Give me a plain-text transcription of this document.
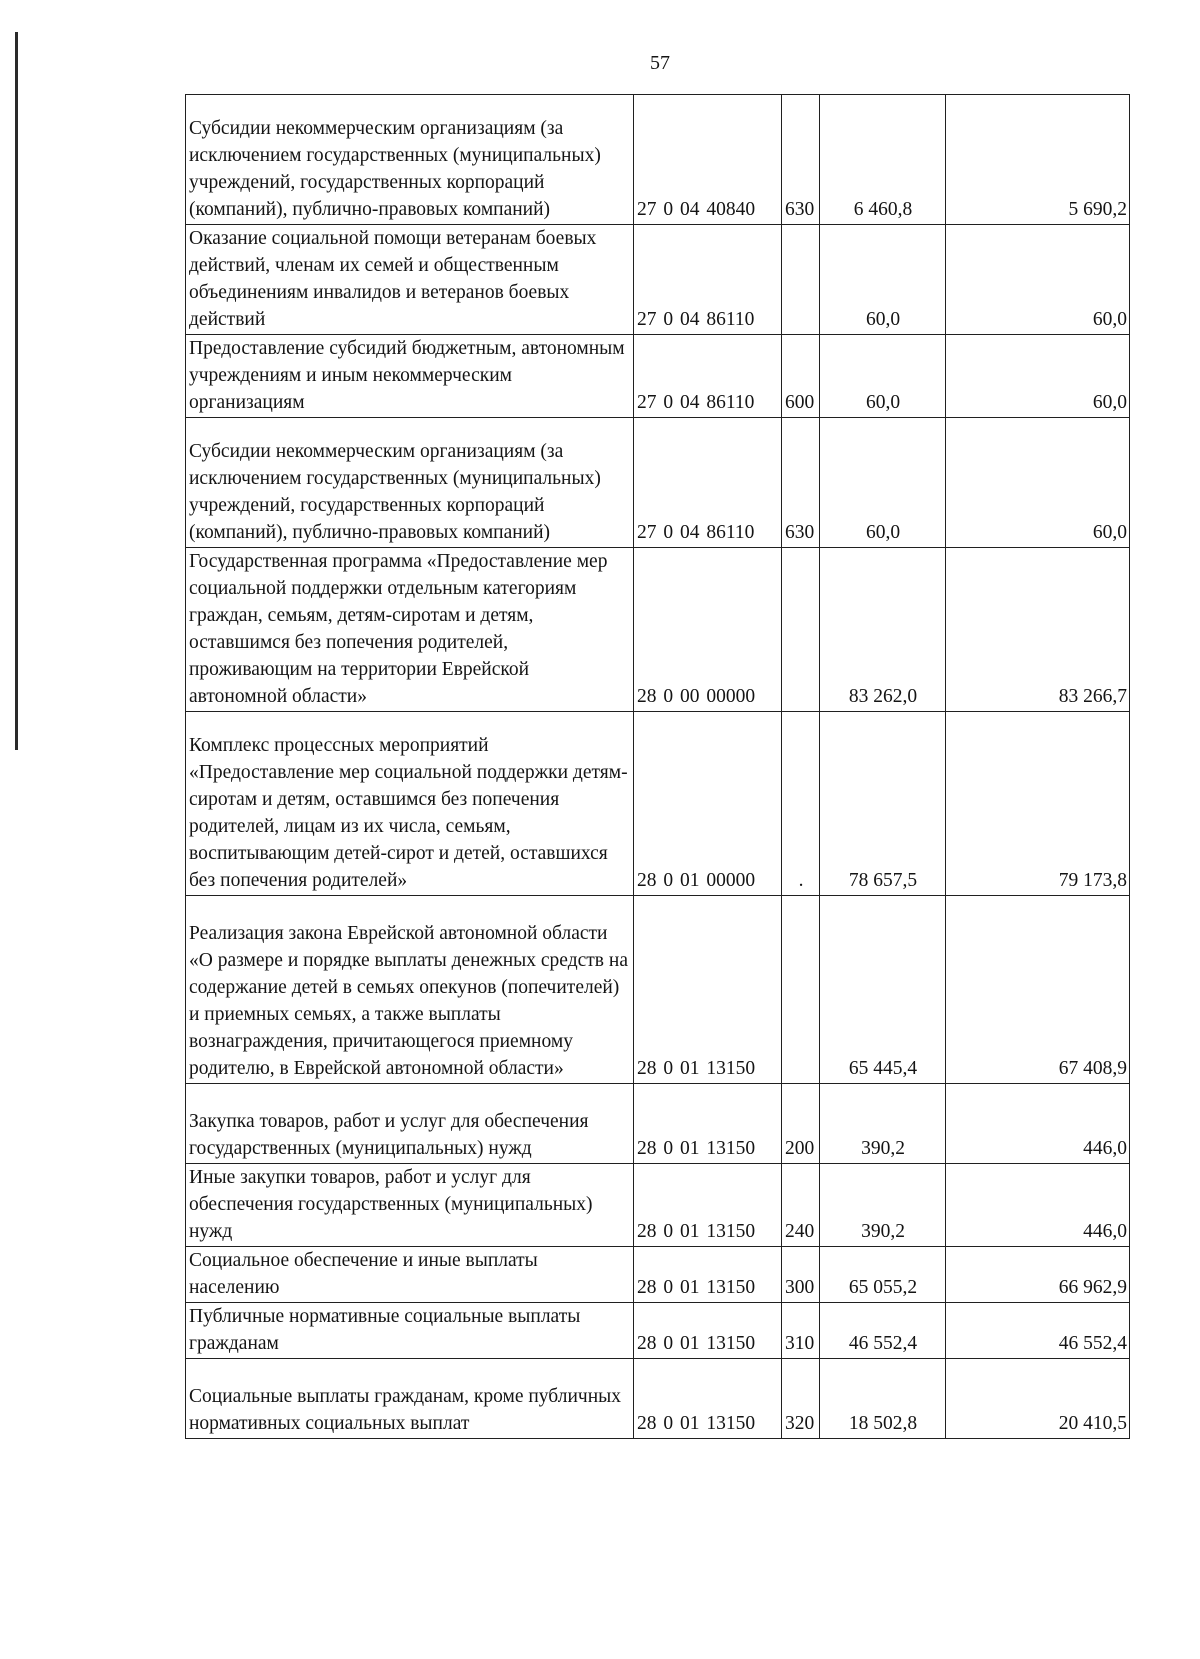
57
Субсидии некоммерческим организациям (за исключением государственных (муниципальных) учреждений, государственных корпораций (компаний), публично-правовых компаний)	27 0 04 40840	630	6 460,8	5 690,2
Оказание социальной помощи ветеранам боевых действий, членам их семей и общественным объединениям инвалидов и ветеранов боевых действий	27 0 04 86110		60,0	60,0
Предоставление субсидий бюджетным, автономным учреждениям и иным некоммерческим организациям	27 0 04 86110	600	60,0	60,0
Субсидии некоммерческим организациям (за исключением государственных (муниципальных) учреждений, государственных корпораций (компаний), публично-правовых компаний)	27 0 04 86110	630	60,0	60,0
Государственная программа «Предоставление мер социальной поддержки отдельным категориям граждан, семьям, детям-сиротам и детям, оставшимся без попечения родителей, проживающим на территории Еврейской автономной области»	28 0 00 00000		83 262,0	83 266,7
Комплекс процессных мероприятий «Предоставление мер социальной поддержки детям-сиротам и детям, оставшимся без попечения родителей, лицам из их числа, семьям, воспитывающим детей-сирот и детей, оставшихся без попечения родителей»	28 0 01 00000	.	78 657,5	79 173,8
Реализация закона Еврейской автономной области «О размере и порядке выплаты денежных средств на содержание детей в семьях опекунов (попечителей) и приемных семьях, а также выплаты вознаграждения, причитающегося приемному родителю, в Еврейской автономной области»	28 0 01 13150		65 445,4	67 408,9
Закупка товаров, работ и услуг для обеспечения государственных (муниципальных) нужд	28 0 01 13150	200	390,2	446,0
Иные закупки товаров, работ и услуг для обеспечения государственных (муниципальных) нужд	28 0 01 13150	240	390,2	446,0
Социальное обеспечение и иные выплаты населению	28 0 01 13150	300	65 055,2	66 962,9
Публичные нормативные социальные выплаты гражданам	28 0 01 13150	310	46 552,4	46 552,4
Социальные выплаты гражданам, кроме публичных нормативных социальных выплат	28 0 01 13150	320	18 502,8	20 410,5
